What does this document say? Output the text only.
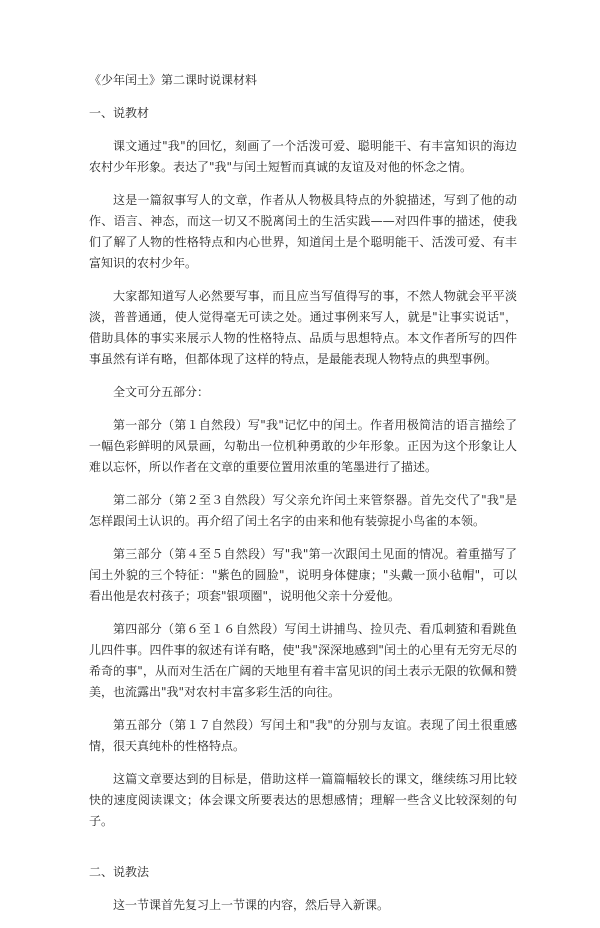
《少年闰土》第二课时说课材料
一、说教材

课文通过"我"的回忆，刻画了一个活泼可爱、聪明能干、有丰富知识的海边农村少年形象。表达了"我"与闰土短暂而真诚的友谊及对他的怀念之情。

这是一篇叙事写人的文章，作者从人物极具特点的外貌描述，写到了他的动作、语言、神态，而这一切又不脱离闰土的生活实践——对四件事的描述，使我们了解了人物的性格特点和内心世界，知道闰土是个聪明能干、活泼可爱、有丰富知识的农村少年。

大家都知道写人必然要写事，而且应当写值得写的事，不然人物就会平平淡淡，普普通通，使人觉得毫无可读之处。通过事例来写人，就是"让事实说话"，借助具体的事实来展示人物的性格特点、品质与思想特点。本文作者所写的四件事虽然有详有略，但都体现了这样的特点，是最能表现人物特点的典型事例。

全文可分五部分：

第一部分（第１自然段）写"我"记忆中的闰土。作者用极简洁的语言描绘了一幅色彩鲜明的风景画，勾勒出一位机种勇敢的少年形象。正因为这个形象让人难以忘怀，所以作者在文章的重要位置用浓重的笔墨进行了描述。

第二部分（第２至３自然段）写父亲允许闰土来管祭器。首先交代了"我"是怎样跟闰土认识的。再介绍了闰土名字的由来和他有装弶捉小鸟雀的本领。

第三部分（第４至５自然段）写"我"第一次跟闰土见面的情况。着重描写了闰土外貌的三个特征："紫色的圆脸"，说明身体健康；"头戴一顶小毡帽"，可以看出他是农村孩子；项套"银项圈"，说明他父亲十分爱他。

第四部分（第６至１６自然段）写闰土讲捕鸟、捡贝壳、看瓜刺猹和看跳鱼儿四件事。四件事的叙述有详有略，使"我"深深地感到"闰土的心里有无穷无尽的希奇的事"，从而对生活在广阔的天地里有着丰富见识的闰土表示无限的钦佩和赞美，也流露出"我"对农村丰富多彩生活的向往。

第五部分（第１７自然段）写闰土和"我"的分别与友谊。表现了闰土很重感情，很天真纯朴的性格特点。

这篇文章要达到的目标是，借助这样一篇篇幅较长的课文，继续练习用比较快的速度阅读课文；体会课文所要表达的思想感情；理解一些含义比较深刻的句子。

二、说教法

这一节课首先复习上一节课的内容，然后导入新课。
